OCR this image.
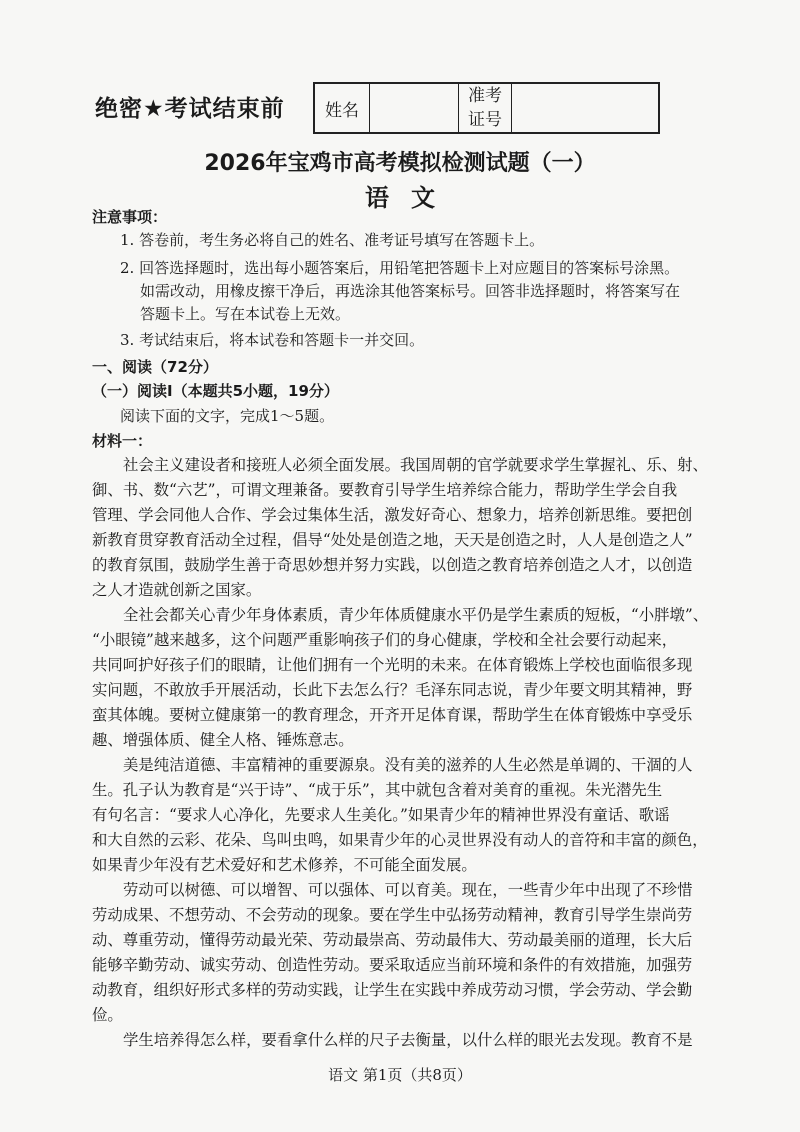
绝密★考试结束前	姓名
准考
证号
2026年宝鸡市高考模拟检测试题（一）
语文
注意事项：
1. 答卷前，考生务必将自己的姓名、准考证号填写在答题卡上。
2. 回答选择题时，选出每小题答案后，用铅笔把答题卡上对应题目的答案标号涂黑。
如需改动，用橡皮擦干净后，再选涂其他答案标号。回答非选择题时，将答案写在
答题卡上。写在本试卷上无效。
3. 考试结束后，将本试卷和答题卡一并交回。
一、阅读（72分）
（一）阅读Ⅰ（本题共5小题，19分）
阅读下面的文字，完成1～5题。
材料一：
社会主义建设者和接班人必须全面发展。我国周朝的官学就要求学生掌握礼、乐、射、
御、书、数“六艺”，可谓文理兼备。要教育引导学生培养综合能力，帮助学生学会自我
管理、学会同他人合作、学会过集体生活，激发好奇心、想象力，培养创新思维。要把创
新教育贯穿教育活动全过程，倡导“处处是创造之地，天天是创造之时，人人是创造之人”
的教育氛围，鼓励学生善于奇思妙想并努力实践，以创造之教育培养创造之人才，以创造
之人才造就创新之国家。
全社会都关心青少年身体素质，青少年体质健康水平仍是学生素质的短板，“小胖墩”、
“小眼镜”越来越多，这个问题严重影响孩子们的身心健康，学校和全社会要行动起来，
共同呵护好孩子们的眼睛，让他们拥有一个光明的未来。在体育锻炼上学校也面临很多现
实问题，不敢放手开展活动，长此下去怎么行？毛泽东同志说，青少年要文明其精神，野
蛮其体魄。要树立健康第一的教育理念，开齐开足体育课，帮助学生在体育锻炼中享受乐
趣、增强体质、健全人格、锤炼意志。
美是纯洁道德、丰富精神的重要源泉。没有美的滋养的人生必然是单调的、干涸的人
生。孔子认为教育是“兴于诗”、“成于乐”，其中就包含着对美育的重视。朱光潜先生
有句名言：“要求人心净化，先要求人生美化。”如果青少年的精神世界没有童话、歌谣
和大自然的云彩、花朵、鸟叫虫鸣，如果青少年的心灵世界没有动人的音符和丰富的颜色，
如果青少年没有艺术爱好和艺术修养，不可能全面发展。
劳动可以树德、可以增智、可以强体、可以育美。现在，一些青少年中出现了不珍惜
劳动成果、不想劳动、不会劳动的现象。要在学生中弘扬劳动精神，教育引导学生崇尚劳
动、尊重劳动，懂得劳动最光荣、劳动最崇高、劳动最伟大、劳动最美丽的道理，长大后
能够辛勤劳动、诚实劳动、创造性劳动。要采取适应当前环境和条件的有效措施，加强劳
动教育，组织好形式多样的劳动实践，让学生在实践中养成劳动习惯，学会劳动、学会勤
俭。
学生培养得怎么样，要看拿什么样的尺子去衡量，以什么样的眼光去发现。教育不是
语文 第1页（共8页）
